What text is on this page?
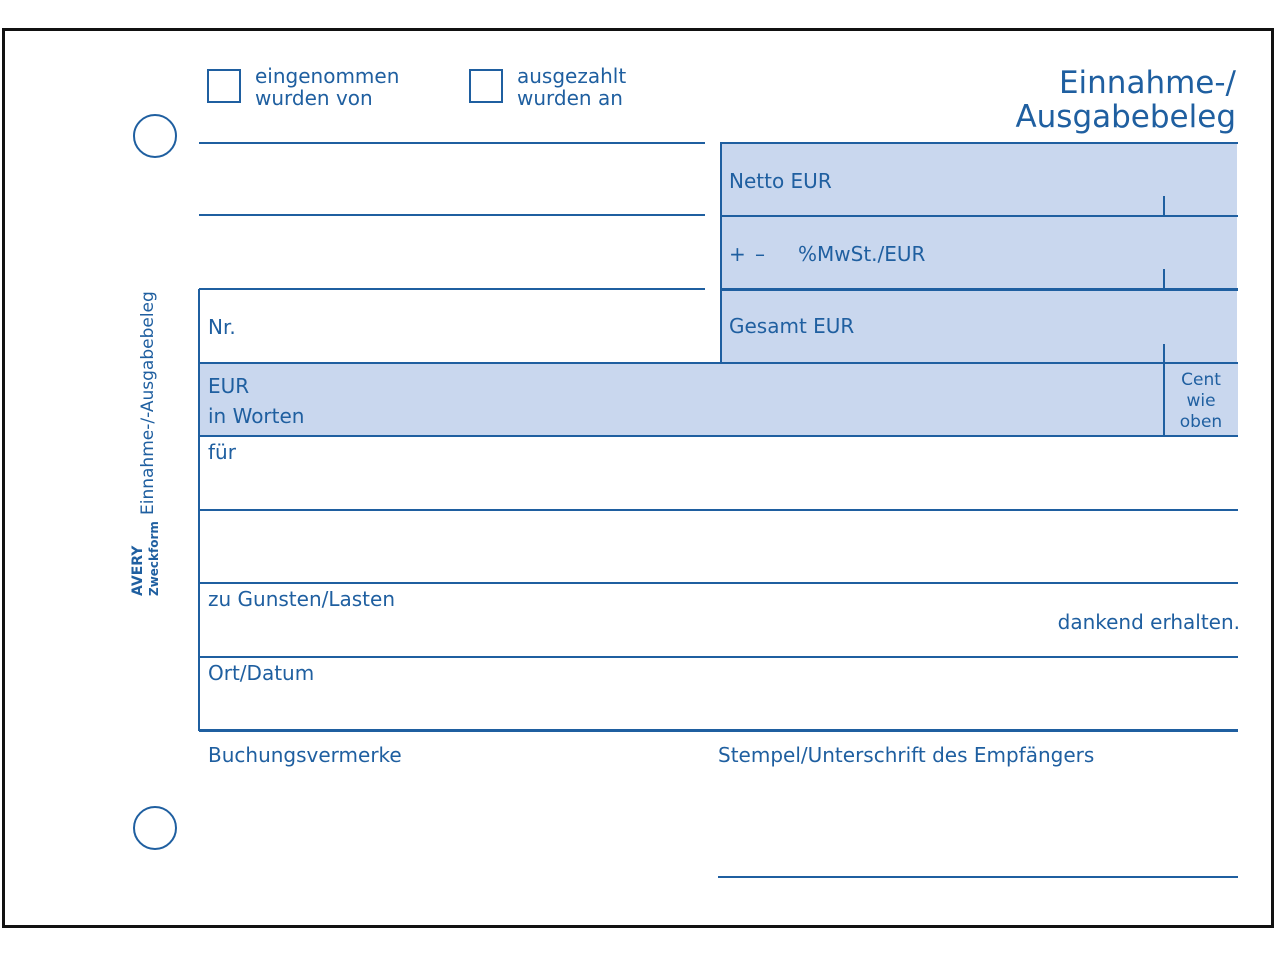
Einnahme-/-Ausgabebeleg
AVERY Zweckform
eingenommen
wurden von
ausgezahlt
wurden an	Einnahme-/
Ausgabebeleg
Netto EUR
+ – %MwSt./EUR
Gesamt EUR
Nr.
EUR
in Worten
Cent
wie
oben
für
zu Gunsten/Lasten
dankend erhalten.
Ort/Datum
Buchungsvermerke	Stempel/Unterschrift des Empfängers
